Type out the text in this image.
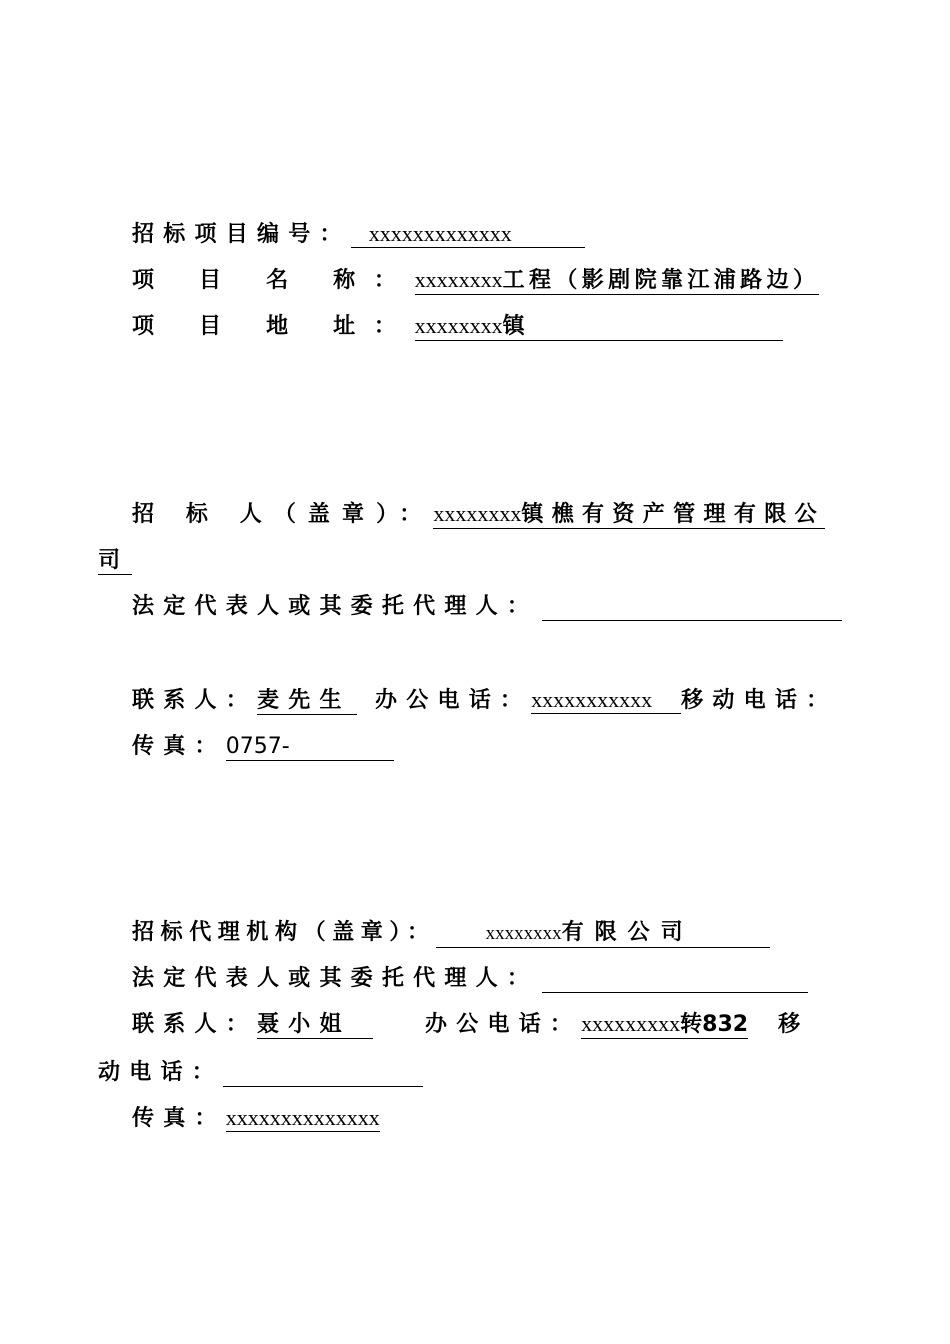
招标项目编号： xxxxxxxxxxxxx
项 目 名 称：xxxxxxxx工程（影剧院靠江浦路边）
项 目 地 址：xxxxxxxx镇
招 标 人（盖章）：xxxxxxxx镇樵有资产管理有限公
司
法定代表人或其委托代理人：
联系人：麦先生 办公电话：xxxxxxxxxxx 移动电话：
传真：0757-
招标代理机构（盖章）：	xxxxxxxx有限公司
法定代表人或其委托代理人：
联系人：聂小姐	办公电话：xxxxxxxxx转832 移
动电话：
传真：xxxxxxxxxxxxxx
